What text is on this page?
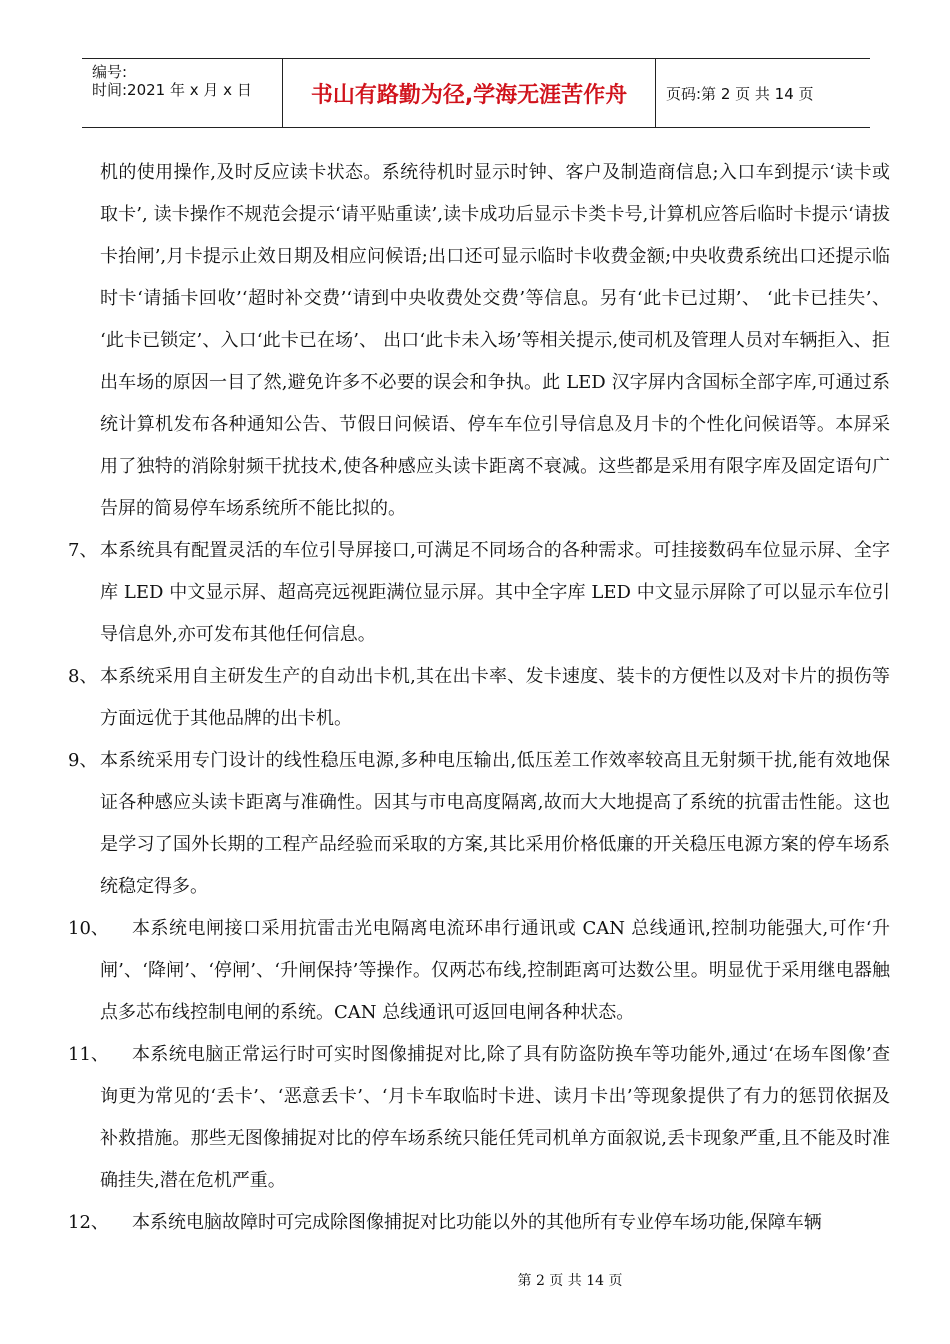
编号:
时间:2021 年 x 月 x 日	书山有路勤为径,学海无涯苦作舟	页码:第 2 页 共 14 页

机的使用操作,及时反应读卡状态。系统待机时显示时钟、客户及制造商信息;入口车到提示‘读卡或取卡’, 读卡操作不规范会提示‘请平贴重读’,读卡成功后显示卡类卡号,计算机应答后临时卡提示‘请拔卡抬闸’,月卡提示止效日期及相应问候语;出口还可显示临时卡收费金额;中央收费系统出口还提示临时卡‘请插卡回收’‘超时补交费’‘请到中央收费处交费’等信息。另有‘此卡已过期’、 ‘此卡已挂失’、 ‘此卡已锁定’、入口‘此卡已在场’、 出口‘此卡未入场’等相关提示,使司机及管理人员对车辆拒入、拒出车场的原因一目了然,避免许多不必要的误会和争执。此 LED 汉字屏内含国标全部字库,可通过系统计算机发布各种通知公告、节假日问候语、停车车位引导信息及月卡的个性化问候语等。本屏采用了独特的消除射频干扰技术,使各种感应头读卡距离不衰减。这些都是采用有限字库及固定语句广告屏的简易停车场系统所不能比拟的。

7、 本系统具有配置灵活的车位引导屏接口,可满足不同场合的各种需求。可挂接数码车位显示屏、全字库 LED 中文显示屏、超高亮远视距满位显示屏。其中全字库 LED 中文显示屏除了可以显示车位引导信息外,亦可发布其他任何信息。

8、 本系统采用自主研发生产的自动出卡机,其在出卡率、发卡速度、装卡的方便性以及对卡片的损伤等方面远优于其他品牌的出卡机。

9、 本系统采用专门设计的线性稳压电源,多种电压输出,低压差工作效率较高且无射频干扰,能有效地保证各种感应头读卡距离与准确性。因其与市电高度隔离,故而大大地提高了系统的抗雷击性能。这也是学习了国外长期的工程产品经验而采取的方案,其比采用价格低廉的开关稳压电源方案的停车场系统稳定得多。

10、	本系统电闸接口采用抗雷击光电隔离电流环串行通讯或 CAN 总线通讯,控制功能强大,可作‘升闸’、‘降闸’、‘停闸’、‘升闸保持’等操作。仅两芯布线,控制距离可达数公里。明显优于采用继电器触点多芯布线控制电闸的系统。CAN 总线通讯可返回电闸各种状态。

11、	本系统电脑正常运行时可实时图像捕捉对比,除了具有防盗防换车等功能外,通过‘在场车图像’查询更为常见的‘丢卡’、‘恶意丢卡’、‘月卡车取临时卡进、读月卡出’等现象提供了有力的惩罚依据及补救措施。那些无图像捕捉对比的停车场系统只能任凭司机单方面叙说,丢卡现象严重,且不能及时准确挂失,潜在危机严重。

12、	本系统电脑故障时可完成除图像捕捉对比功能以外的其他所有专业停车场功能,保障车辆

第 2 页 共 14 页
